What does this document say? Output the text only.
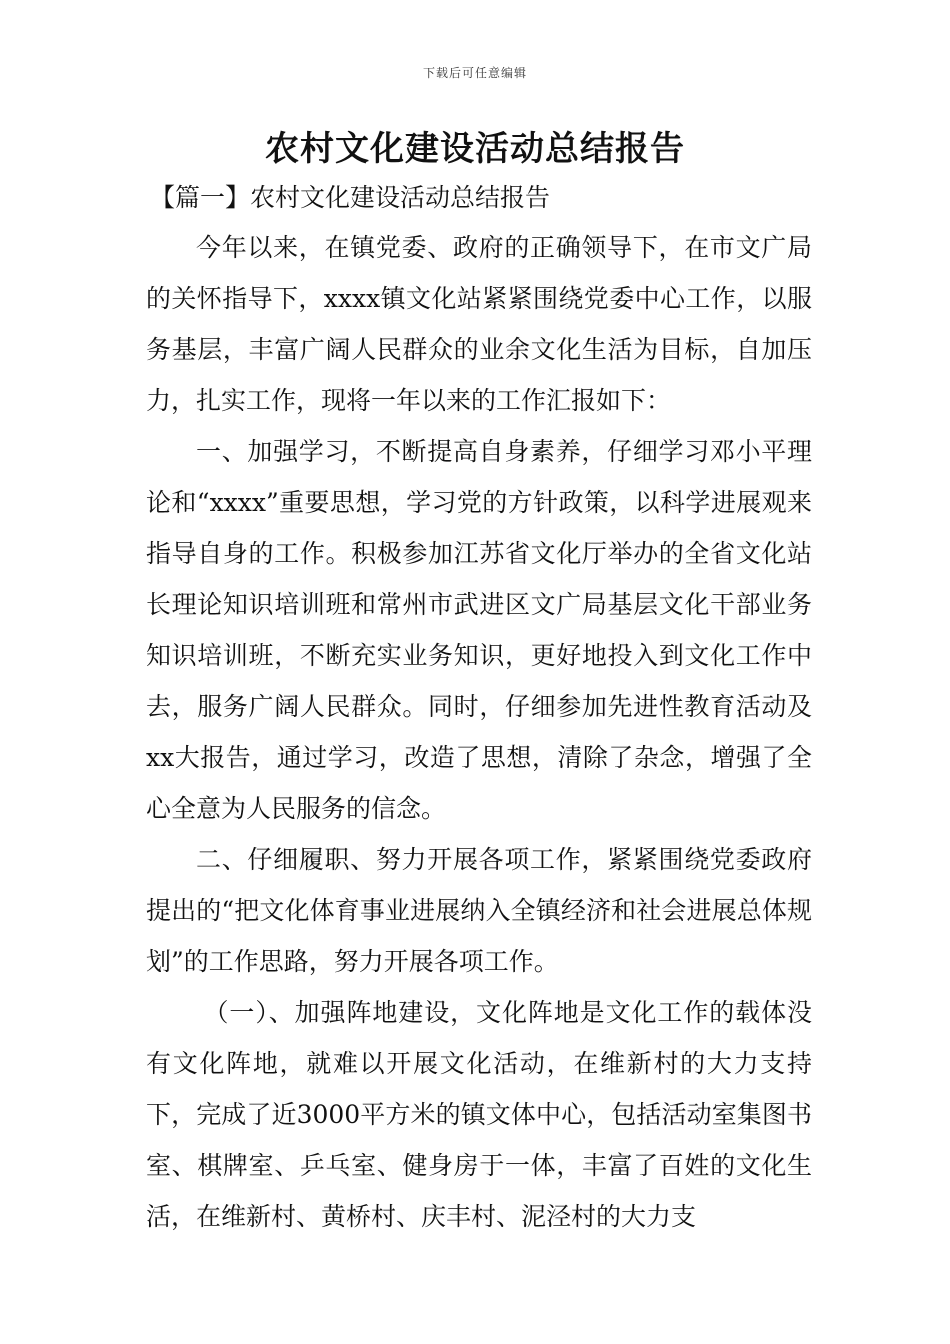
下载后可任意编辑
农村文化建设活动总结报告
【篇一】农村文化建设活动总结报告

今年以来，在镇党委、政府的正确领导下，在市文广局的关怀指导下，xxxx镇文化站紧紧围绕党委中心工作，以服务基层，丰富广阔人民群众的业余文化生活为目标，自加压力，扎实工作，现将一年以来的工作汇报如下：

一、加强学习，不断提高自身素养，仔细学习邓小平理论和“xxxx”重要思想，学习党的方针政策，以科学进展观来指导自身的工作。积极参加江苏省文化厅举办的全省文化站长理论知识培训班和常州市武进区文广局基层文化干部业务知识培训班，不断充实业务知识，更好地投入到文化工作中去，服务广阔人民群众。同时，仔细参加先进性教育活动及xx大报告，通过学习，改造了思想，清除了杂念，增强了全心全意为人民服务的信念。

二、仔细履职、努力开展各项工作，紧紧围绕党委政府提出的“把文化体育事业进展纳入全镇经济和社会进展总体规划”的工作思路，努力开展各项工作。

（一）、加强阵地建设，文化阵地是文化工作的载体没有文化阵地，就难以开展文化活动，在维新村的大力支持下，完成了近3000平方米的镇文体中心，包括活动室集图书室、棋牌室、乒乓室、健身房于一体，丰富了百姓的文化生活，在维新村、黄桥村、庆丰村、泥泾村的大力支
